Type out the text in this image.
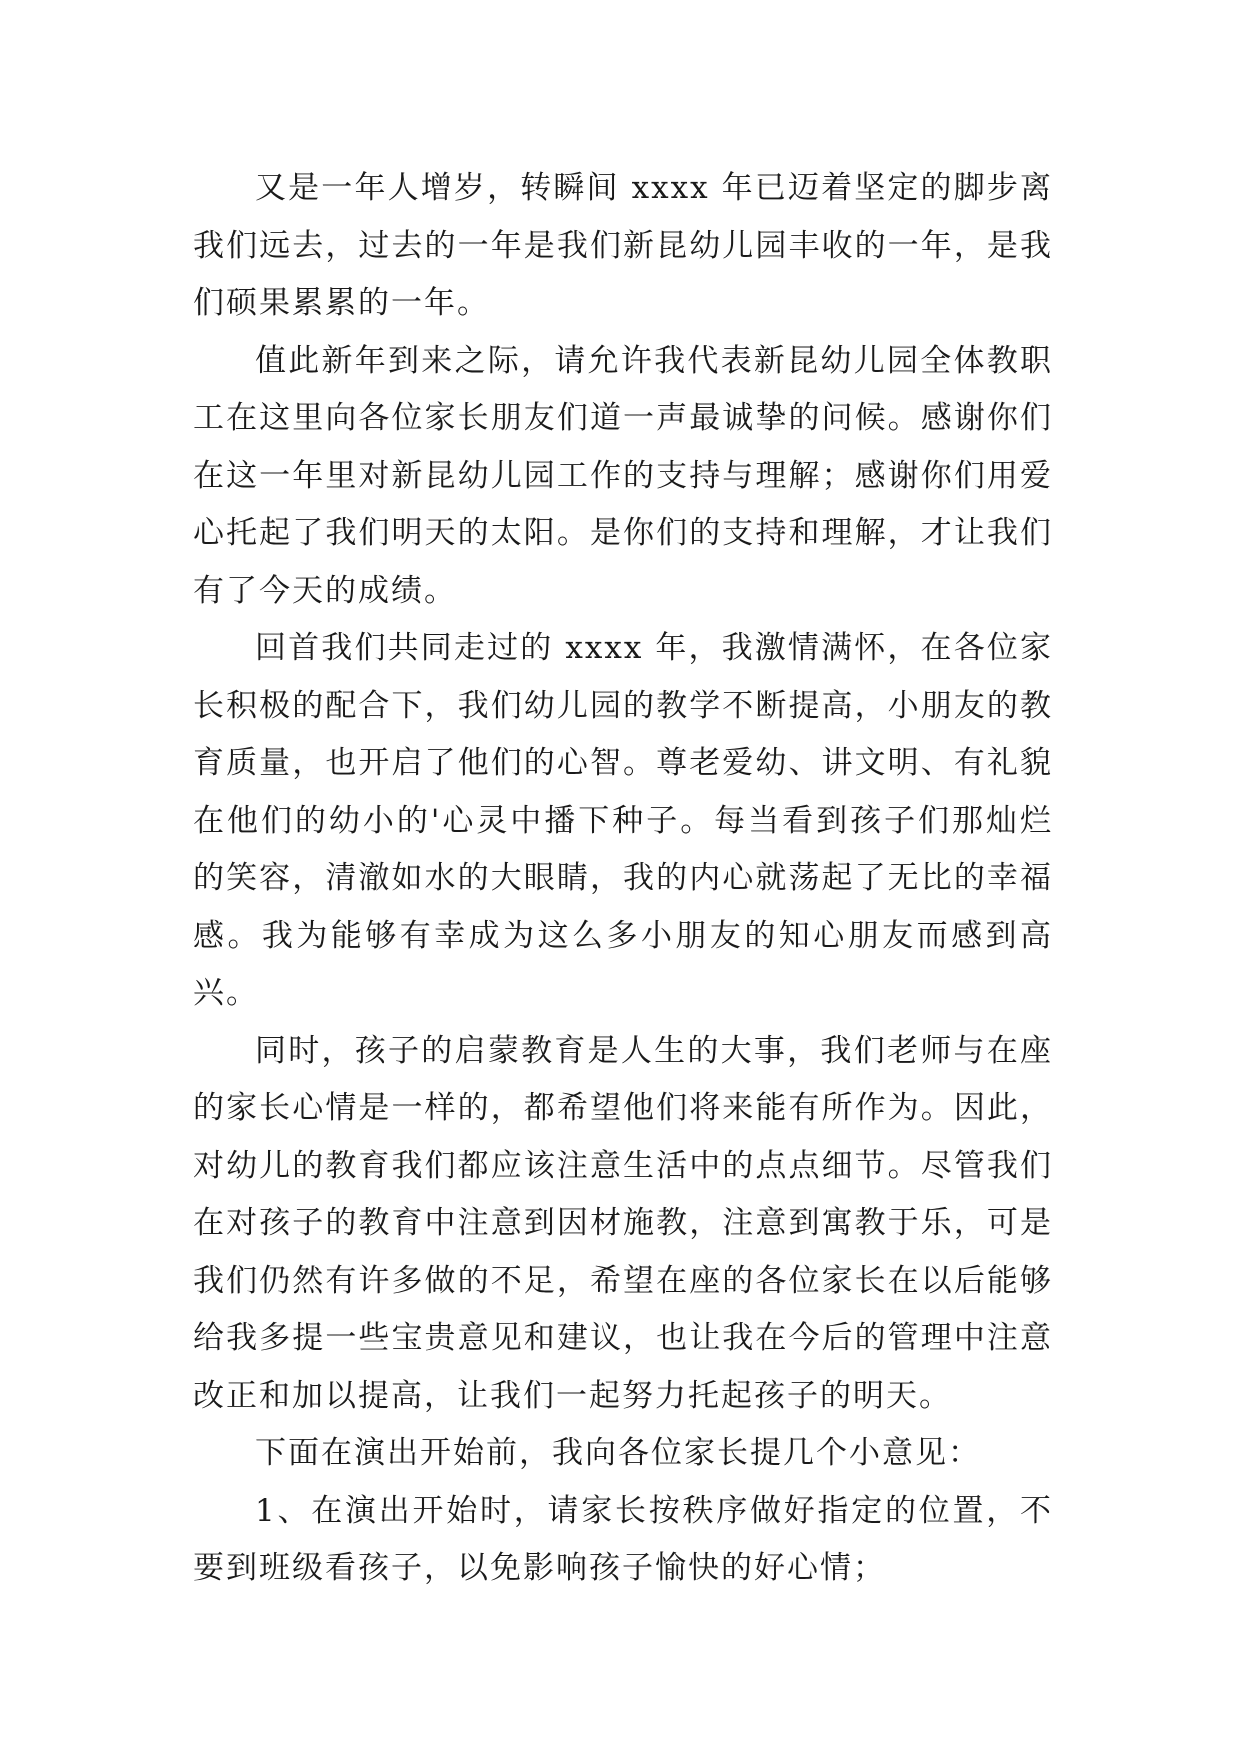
又是一年人增岁，转瞬间 xxxx 年已迈着坚定的脚步离我们远去，过去的一年是我们新昆幼儿园丰收的一年，是我们硕果累累的一年。

值此新年到来之际，请允许我代表新昆幼儿园全体教职工在这里向各位家长朋友们道一声最诚挚的问候。感谢你们在这一年里对新昆幼儿园工作的支持与理解；感谢你们用爱心托起了我们明天的太阳。是你们的支持和理解，才让我们有了今天的成绩。

回首我们共同走过的 xxxx 年，我激情满怀，在各位家长积极的配合下，我们幼儿园的教学不断提高，小朋友的教育质量，也开启了他们的心智。尊老爱幼、讲文明、有礼貌在他们的幼小的'心灵中播下种子。每当看到孩子们那灿烂的笑容，清澈如水的大眼睛，我的内心就荡起了无比的幸福感。我为能够有幸成为这么多小朋友的知心朋友而感到高兴。

同时，孩子的启蒙教育是人生的大事，我们老师与在座的家长心情是一样的，都希望他们将来能有所作为。因此，对幼儿的教育我们都应该注意生活中的点点细节。尽管我们在对孩子的教育中注意到因材施教，注意到寓教于乐，可是我们仍然有许多做的不足，希望在座的各位家长在以后能够给我多提一些宝贵意见和建议，也让我在今后的管理中注意改正和加以提高，让我们一起努力托起孩子的明天。

下面在演出开始前，我向各位家长提几个小意见：

1、在演出开始时，请家长按秩序做好指定的位置，不要到班级看孩子，以免影响孩子愉快的好心情；
